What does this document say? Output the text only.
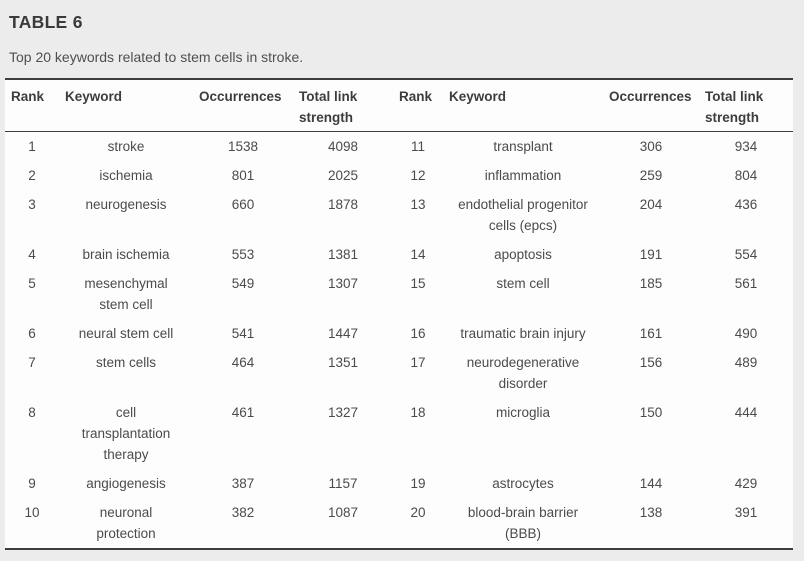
TABLE 6
Top 20 keywords related to stem cells in stroke.
Rank	Keyword	Occurrences	Total link strength	Rank	Keyword	Occurrences	Total link strength
1	stroke	1538	4098	11	transplant	306	934
2	ischemia	801	2025	12	inflammation	259	804
3	neurogenesis	660	1878	13	endothelial progenitor cells (epcs)	204	436
4	brain ischemia	553	1381	14	apoptosis	191	554
5	mesenchymal stem cell	549	1307	15	stem cell	185	561
6	neural stem cell	541	1447	16	traumatic brain injury	161	490
7	stem cells	464	1351	17	neurodegenerative disorder	156	489
8	cell transplantation therapy	461	1327	18	microglia	150	444
9	angiogenesis	387	1157	19	astrocytes	144	429
10	neuronal protection	382	1087	20	blood-brain barrier (BBB)	138	391
